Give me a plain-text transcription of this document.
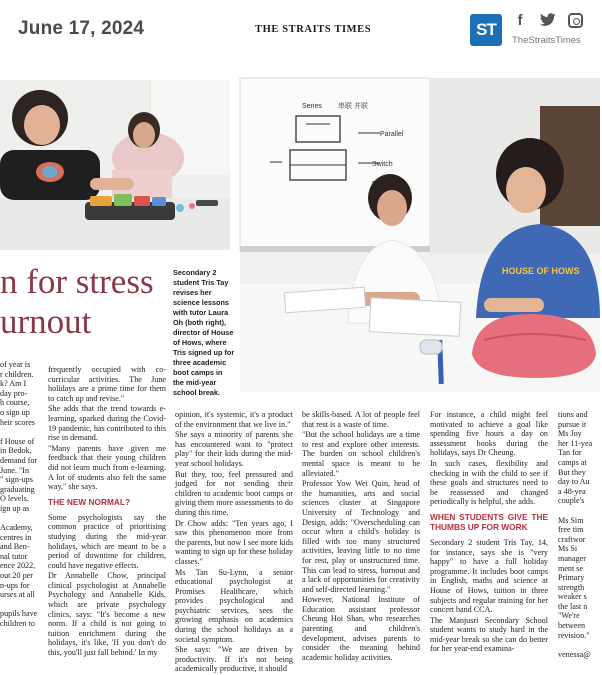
June 17, 2024	THE STRAITS TIMES	ST	f
TheStraitsTimes
串联 并联
Parallel
Series
Switch
HOUSE OF HOWS
n for stress
urnout
Secondary 2 student Tris Tay revises her science lessons with tutor Laura Oh (both right), director of House of Hows, where Tris signed up for three academic boot camps in the mid-year school break.
of year is
r children.
k? Am I
day pro-
h course,
o sign up
heir scores
f House of
in Bedok,
demand for
June. "In
" sign-ups
graduating
O levels.
ign up as
Academy,
centres in
and Ben-
nal tutor
ence 2022,
out 20 per
n-ups for
urses at all
pupils have
children to

frequently occupied with co-curricular activities. The June holidays are a prime time for them to catch up and revise."

She adds that the trend towards e-learning, sparked during the Covid-19 pandemic, has contributed to this rise in demand.

"Many parents have given me feedback that their young children did not learn much from e-learning. A lot of students also felt the same way," she says.

THE NEW NORMAL?

Some psychologists say the common practice of prioritising studying during the mid-year holidays, which are meant to be a period of downtime for children, could have negative effects.

Dr Annabelle Chow, principal clinical psychologist at Annabelle Psychology and Annabelle Kids, which are private psychology clinics, says: "It's become a new norm. If a child is not going to tuition enrichment during the holidays, it's like, 'If you don't do this, you'll just fall behind.' In my

opinion, it's systemic, it's a product of the environment that we live in."

She says a minority of parents she has encountered want to "protect play" for their kids during the mid-year school holidays.

But they, too, feel pressured and judged for not sending their children to academic boot camps or giving them more assessments to do during this time.

Dr Chow adds: "Ten years ago, I saw this phenomenon more from the parents, but now I see more kids wanting to sign up for these holiday classes."

Ms Tan Su-Lynn, a senior educational psychologist at Promises Healthcare, which provides psychological and psychiatric services, sees the growing emphasis on academics during the school holidays as a societal symptom.

She says: "We are driven by productivity. If it's not being academically productive, it should

be skills-based. A lot of people feel that rest is a waste of time.

"But the school holidays are a time to rest and explore other interests. The burden on school children's mental space is meant to be alleviated."

Professor Yow Wei Quin, head of the humanities, arts and social sciences cluster at Singapore University of Technology and Design, adds: "Overscheduling can occur when a child's holiday is filled with too many structured activities, leaving little to no time for rest, play or unstructured time. This can lead to stress, burnout and a lack of opportunities for creativity and self-directed learning."

However, National Institute of Education assistant professor Cheung Hoi Shan, who researches parenting and children's development, advises parents to consider the meaning behind academic holiday activities.

For instance, a child might feel motivated to achieve a goal like spending five hours a day on assessment books during the holidays, says Dr Cheung.

In such cases, flexibility and checking in with the child to see if these goals and structures need to be reassessed and changed periodically is helpful, she adds.

WHEN STUDENTS GIVE THE THUMBS UP FOR WORK

Secondary 2 student Tris Tay, 14, for instance, says she is "very happy" to have a full holiday programme. It includes boot camps in English, maths and science at House of Hows, tuition in three subjects and regular training for her concert band CCA.

The Manjusri Secondary School student wants to study hard in the mid-year break so she can do better for her year-end examina-

tions and
pursue it
Ms Joy
her 11-yea
Tan for
camps at
But they
day to Au
a 48-yea
couple's
Ms Sim
free tim
craftwor
Ms Si
manager
ment se
Primary
strength
weaker s
the last n
"We're
between
revision."
venessa@
